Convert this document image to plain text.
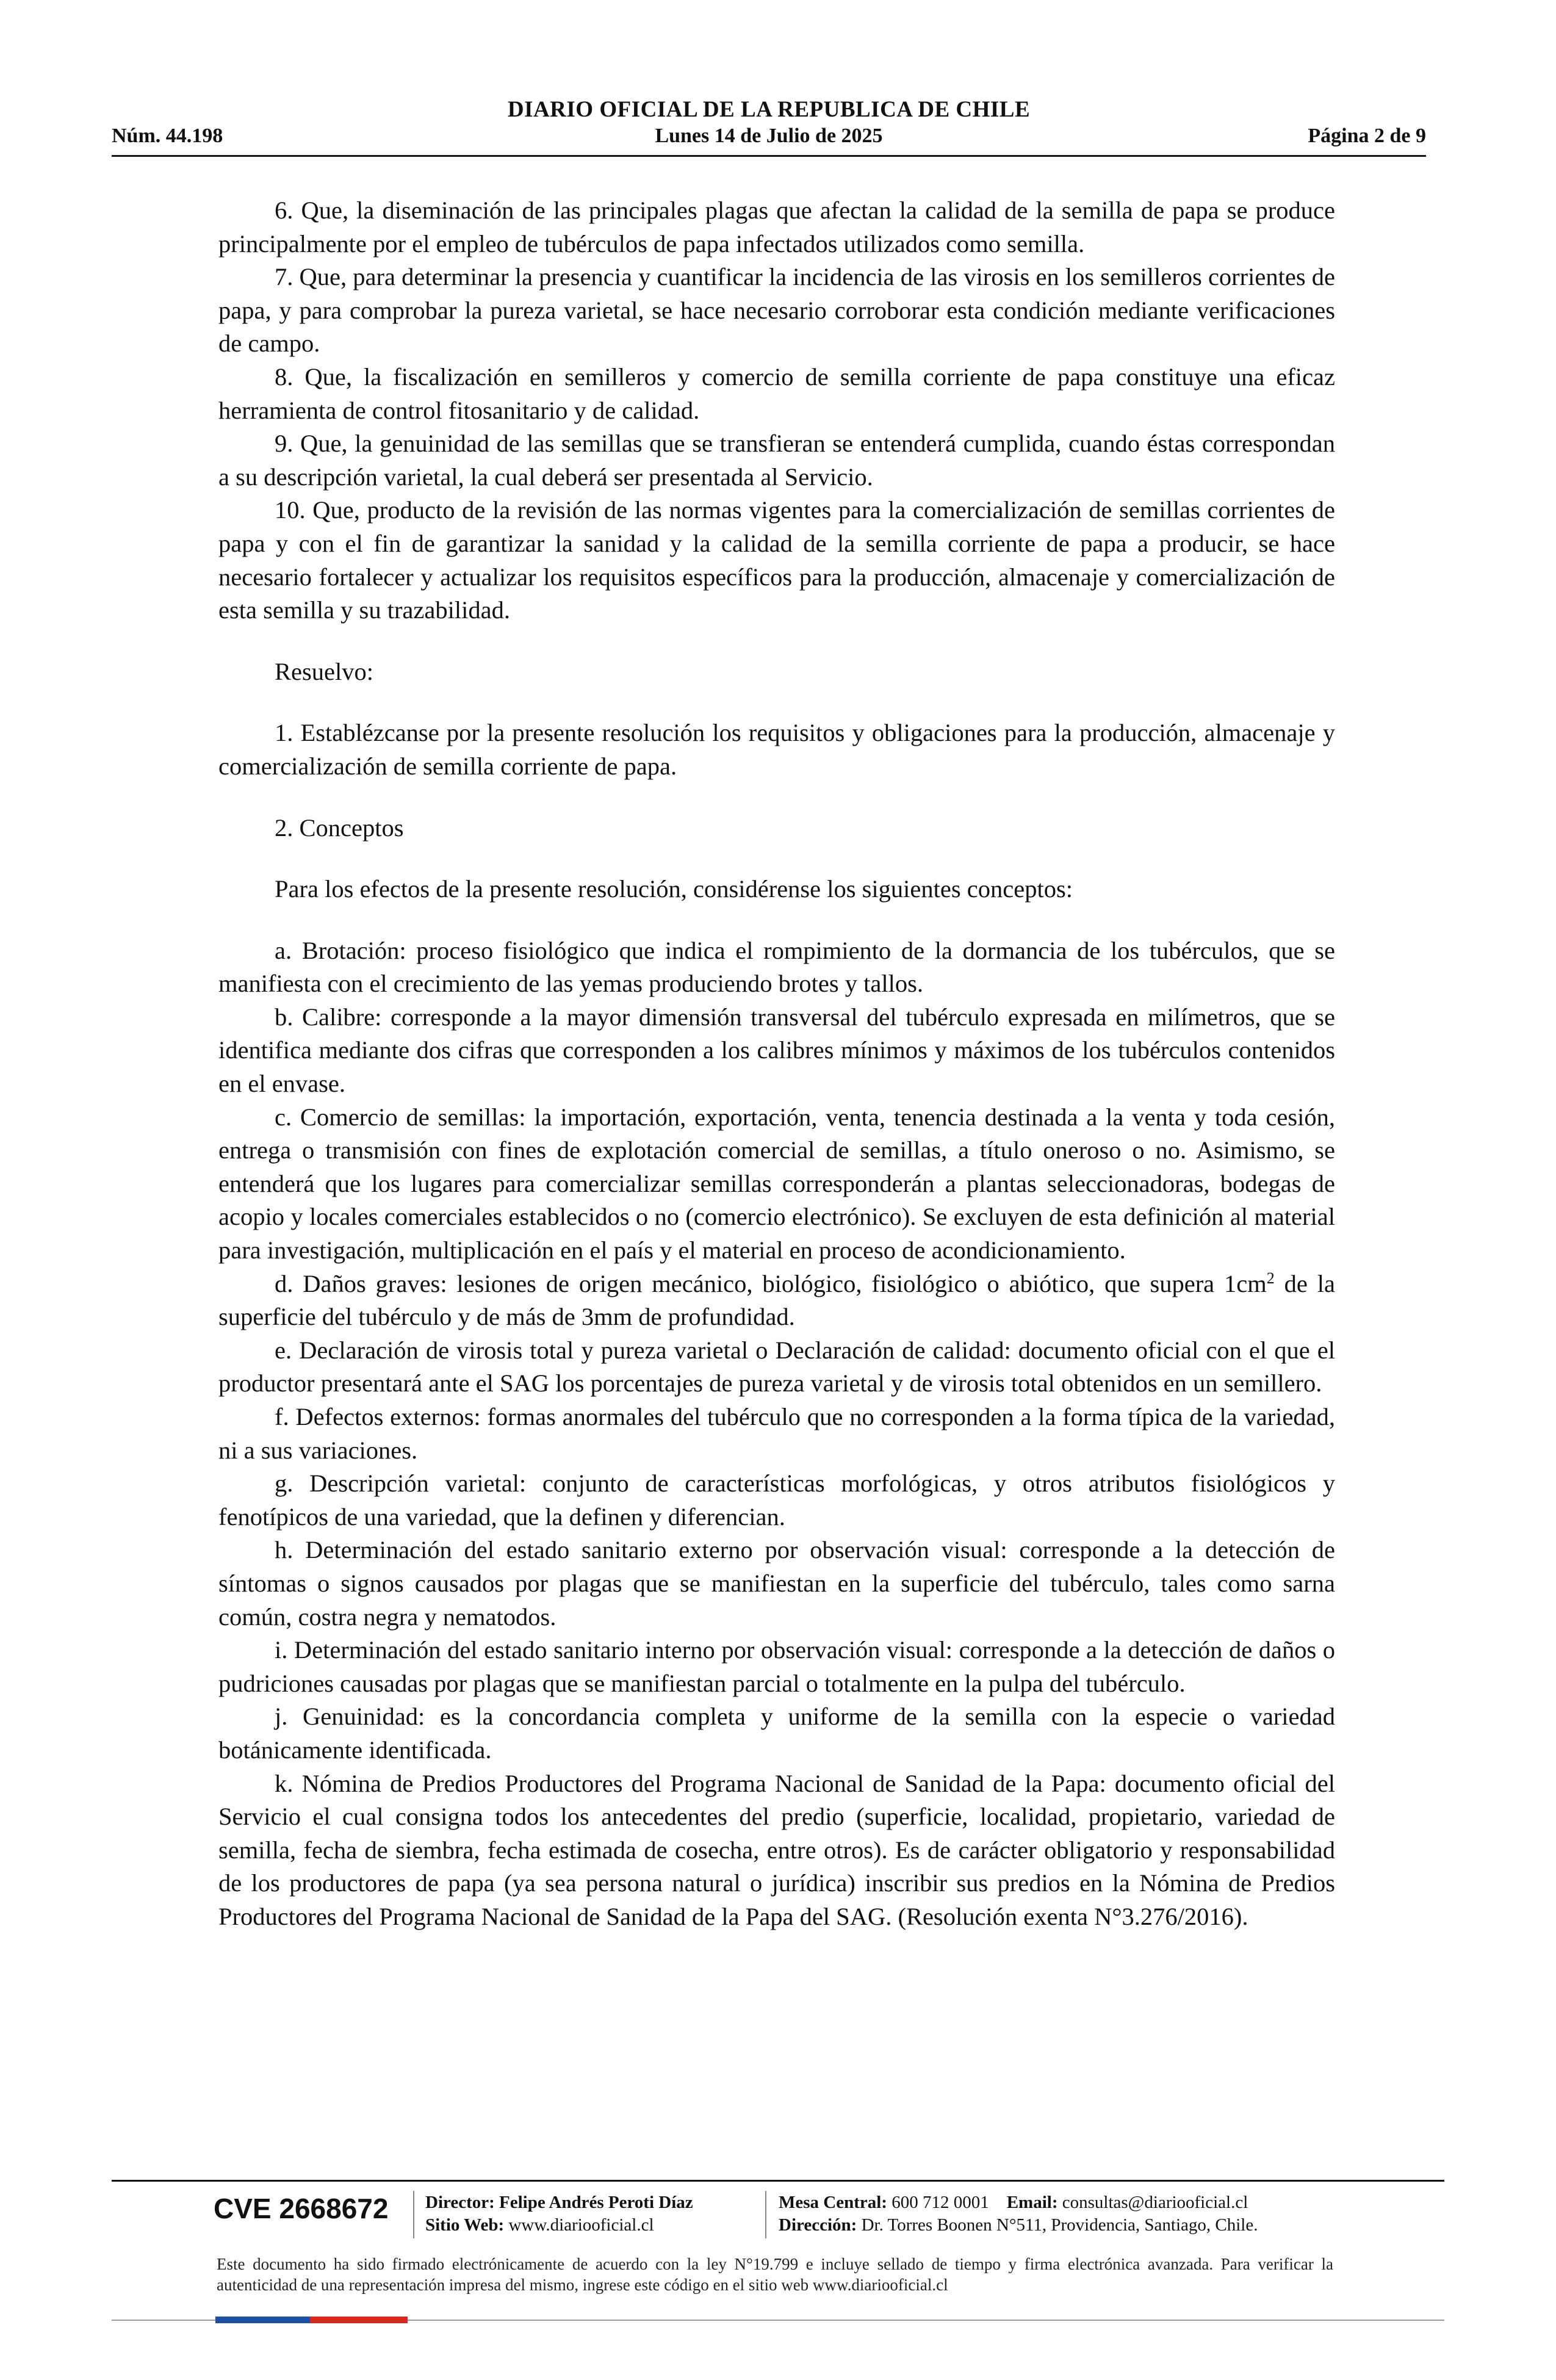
DIARIO OFICIAL DE LA REPUBLICA DE CHILE
Núm. 44.198	Lunes 14 de Julio de 2025	Página 2 de 9

6. Que, la diseminación de las principales plagas que afectan la calidad de la semilla de papa se produce principalmente por el empleo de tubérculos de papa infectados utilizados como semilla.

7. Que, para determinar la presencia y cuantificar la incidencia de las virosis en los semilleros corrientes de papa, y para comprobar la pureza varietal, se hace necesario corroborar esta condición mediante verificaciones de campo.

8. Que, la fiscalización en semilleros y comercio de semilla corriente de papa constituye una eficaz herramienta de control fitosanitario y de calidad.

9. Que, la genuinidad de las semillas que se transfieran se entenderá cumplida, cuando éstas correspondan a su descripción varietal, la cual deberá ser presentada al Servicio.

10. Que, producto de la revisión de las normas vigentes para la comercialización de semillas corrientes de papa y con el fin de garantizar la sanidad y la calidad de la semilla corriente de papa a producir, se hace necesario fortalecer y actualizar los requisitos específicos para la producción, almacenaje y comercialización de esta semilla y su trazabilidad.

Resuelvo:

1. Establézcanse por la presente resolución los requisitos y obligaciones para la producción, almacenaje y comercialización de semilla corriente de papa.

2. Conceptos

Para los efectos de la presente resolución, considérense los siguientes conceptos:

a. Brotación: proceso fisiológico que indica el rompimiento de la dormancia de los tubérculos, que se manifiesta con el crecimiento de las yemas produciendo brotes y tallos.

b. Calibre: corresponde a la mayor dimensión transversal del tubérculo expresada en milímetros, que se identifica mediante dos cifras que corresponden a los calibres mínimos y máximos de los tubérculos contenidos en el envase.

c. Comercio de semillas: la importación, exportación, venta, tenencia destinada a la venta y toda cesión, entrega o transmisión con fines de explotación comercial de semillas, a título oneroso o no. Asimismo, se entenderá que los lugares para comercializar semillas corresponderán a plantas seleccionadoras, bodegas de acopio y locales comerciales establecidos o no (comercio electrónico). Se excluyen de esta definición al material para investigación, multiplicación en el país y el material en proceso de acondicionamiento.

d. Daños graves: lesiones de origen mecánico, biológico, fisiológico o abiótico, que supera $1cm^2$ de la superficie del tubérculo y de más de 3mm de profundidad.

e. Declaración de virosis total y pureza varietal o Declaración de calidad: documento oficial con el que el productor presentará ante el SAG los porcentajes de pureza varietal y de virosis total obtenidos en un semillero.

f. Defectos externos: formas anormales del tubérculo que no corresponden a la forma típica de la variedad, ni a sus variaciones.

g. Descripción varietal: conjunto de características morfológicas, y otros atributos fisiológicos y fenotípicos de una variedad, que la definen y diferencian.

h. Determinación del estado sanitario externo por observación visual: corresponde a la detección de síntomas o signos causados por plagas que se manifiestan en la superficie del tubérculo, tales como sarna común, costra negra y nematodos.

i. Determinación del estado sanitario interno por observación visual: corresponde a la detección de daños o pudriciones causadas por plagas que se manifiestan parcial o totalmente en la pulpa del tubérculo.

j. Genuinidad: es la concordancia completa y uniforme de la semilla con la especie o variedad botánicamente identificada.

k. Nómina de Predios Productores del Programa Nacional de Sanidad de la Papa: documento oficial del Servicio el cual consigna todos los antecedentes del predio (superficie, localidad, propietario, variedad de semilla, fecha de siembra, fecha estimada de cosecha, entre otros). Es de carácter obligatorio y responsabilidad de los productores de papa (ya sea persona natural o jurídica) inscribir sus predios en la Nómina de Predios Productores del Programa Nacional de Sanidad de la Papa del SAG. (Resolución exenta N°3.276/2016).

CVE 2668672 Director: Felipe Andrés Peroti Díaz
Sitio Web: www.diariooficial.cl
Mesa Central: 600 712 0001 Email: consultas@diariooficial.cl
Dirección: Dr. Torres Boonen N°511, Providencia, Santiago, Chile.
Este documento ha sido firmado electrónicamente de acuerdo con la ley N°19.799 e incluye sellado de tiempo y firma electrónica avanzada. Para verificar la autenticidad de una representación impresa del mismo, ingrese este código en el sitio web www.diariooficial.cl
